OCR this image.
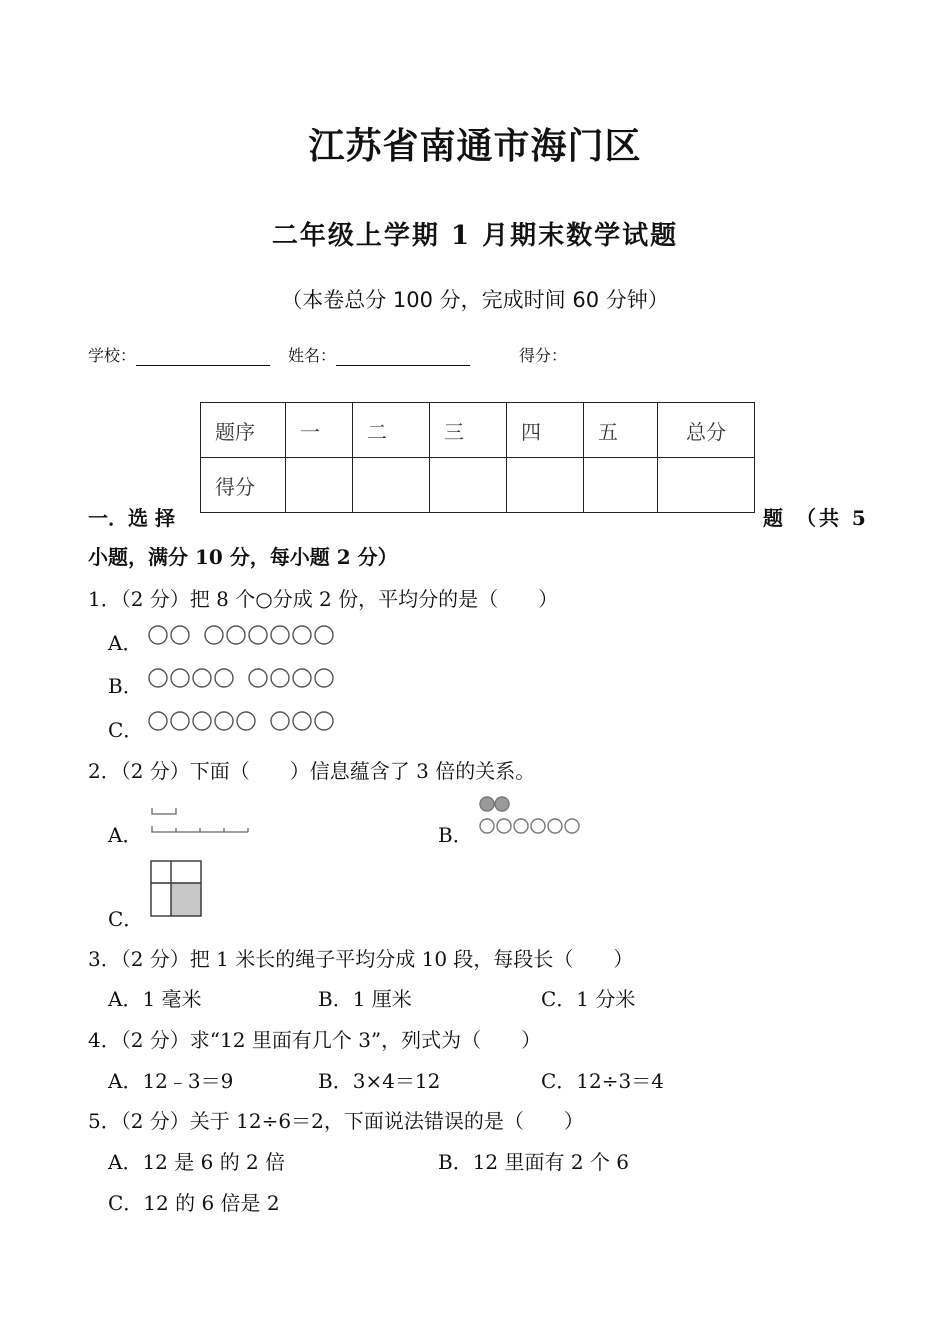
江苏省南通市海门区
二年级上学期 1 月期末数学试题
（本卷总分 100 分，完成时间 60 分钟）
学校：	姓名：	得分：
题序	一	二	三	四	五	总分
得分						
一．选 择	题 （共 5
小题，满分 10 分，每小题 2 分）
1．（2 分）把 8 个○分成 2 份，平均分的是（　　）
A．
B．
C．
2．（2 分）下面（　　）信息蕴含了 3 倍的关系。
A．	B．
C．
3．（2 分）把 1 米长的绳子平均分成 10 段，每段长（　　）
A．1 毫米	B．1 厘米	C．1 分米
4．（2 分）求“12 里面有几个 3”，列式为（　　）
A．12﹣3＝9	B．3×4＝12	C．12÷3＝4
5．（2 分）关于 12÷6＝2，下面说法错误的是（　　）
A．12 是 6 的 2 倍	B．12 里面有 2 个 6
C．12 的 6 倍是 2
